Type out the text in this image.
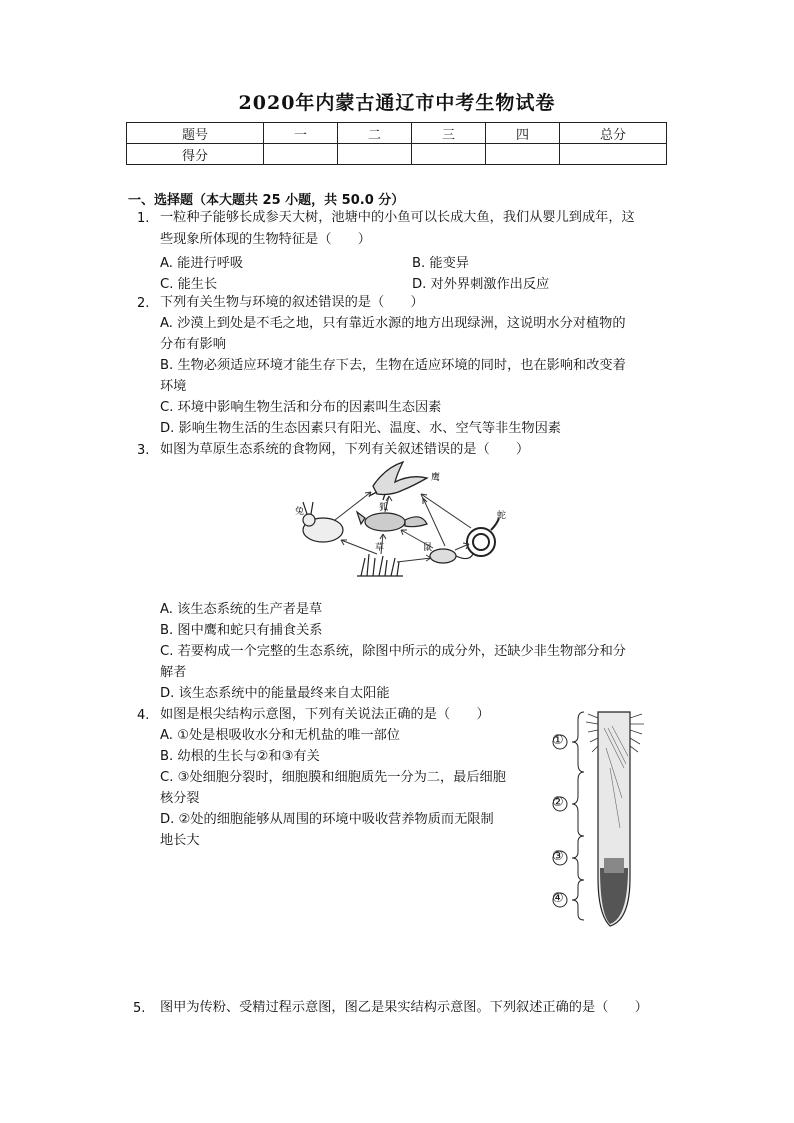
2020年内蒙古通辽市中考生物试卷
题号	一	二	三	四	总分
得分					
一、选择题（本大题共 25 小题，共 50.0 分）
1. 一粒种子能够长成参天大树，池塘中的小鱼可以长成大鱼，我们从婴儿到成年，这
些现象所体现的生物特征是（　　）
A. 能进行呼吸	B. 能变异
C. 能生长	D. 对外界刺激作出反应
2. 下列有关生物与环境的叙述错误的是（　　）
A. 沙漠上到处是不毛之地，只有靠近水源的地方出现绿洲，这说明水分对植物的
分布有影响
B. 生物必须适应环境才能生存下去，生物在适应环境的同时，也在影响和改变着
环境
C. 环境中影响生物生活和分布的因素叫生态因素
D. 影响生物生活的生态因素只有阳光、温度、水、空气等非生物因素
3. 如图为草原生态系统的食物网，下列有关叙述错误的是（　　）
兔	狐
鹰
蛇
鼠
草
A. 该生态系统的生产者是草
B. 图中鹰和蛇只有捕食关系
C. 若要构成一个完整的生态系统，除图中所示的成分外，还缺少非生物部分和分
解者
D. 该生态系统中的能量最终来自太阳能
4. 如图是根尖结构示意图，下列有关说法正确的是（　　）
A. ①处是根吸收水分和无机盐的唯一部位
B. 幼根的生长与②和③有关
C. ③处细胞分裂时，细胞膜和细胞质先一分为二，最后细胞
核分裂
D. ②处的细胞能够从周围的环境中吸收营养物质而无限制
地长大
①
②
③
④
5. 图甲为传粉、受精过程示意图，图乙是果实结构示意图。下列叙述正确的是（　　）
